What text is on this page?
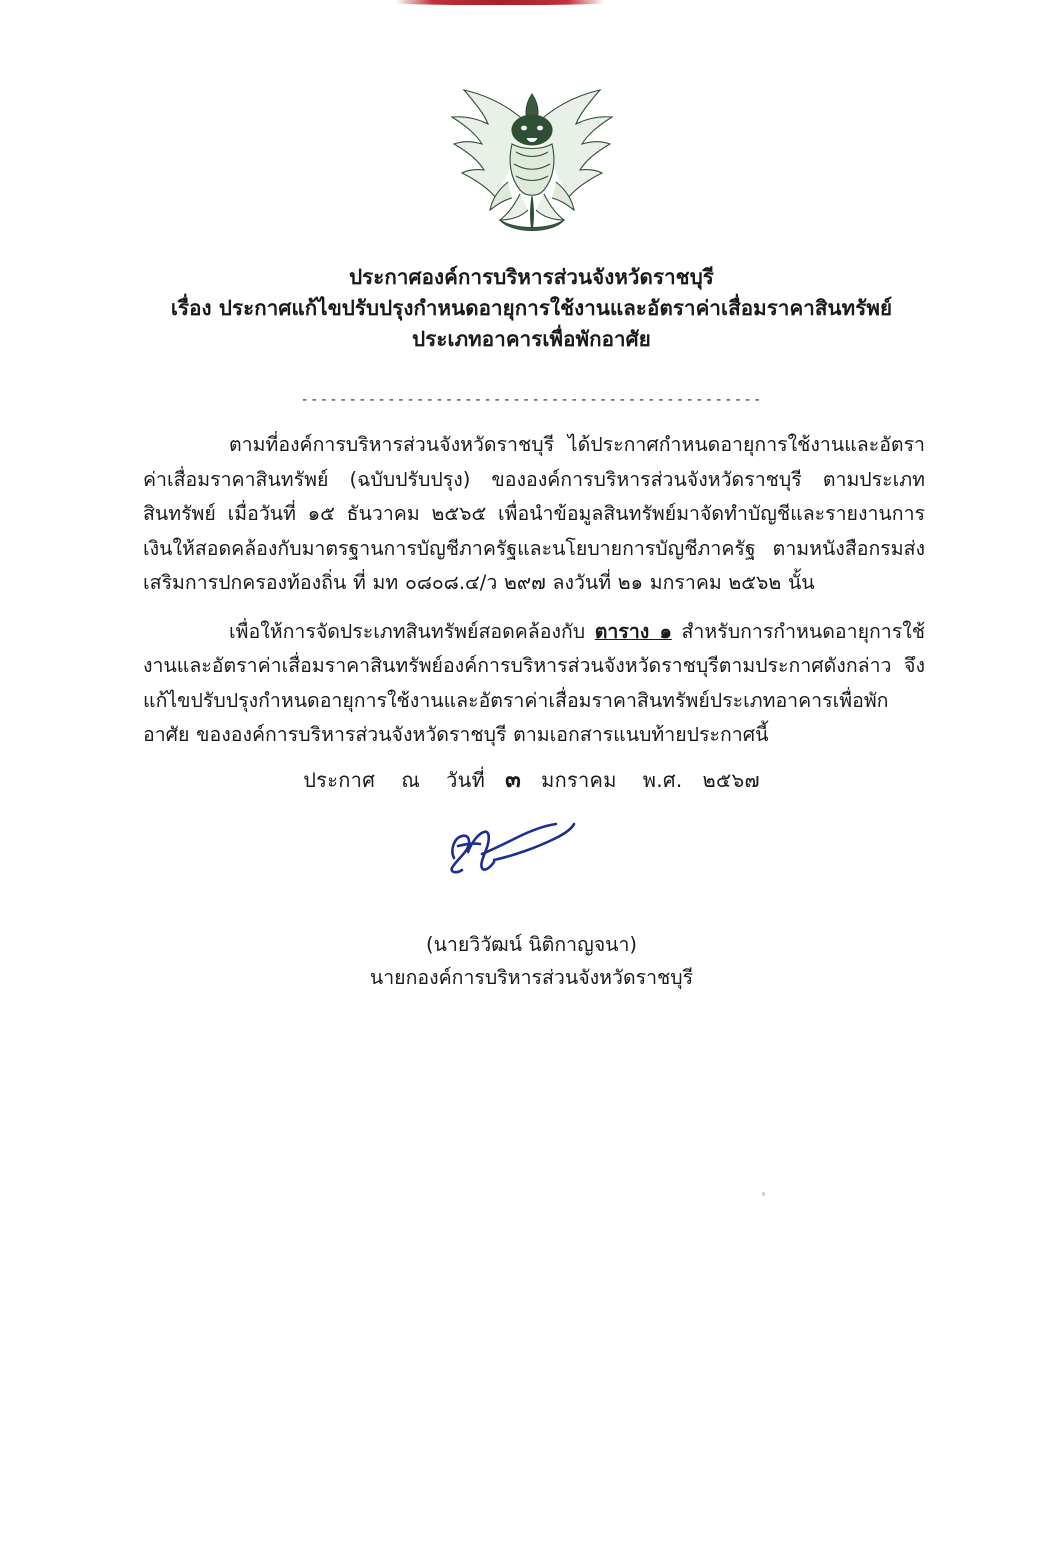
ประกาศองค์การบริหารส่วนจังหวัดราชบุรี
เรื่อง ประกาศแก้ไขปรับปรุงกำหนดอายุการใช้งานและอัตราค่าเสื่อมราคาสินทรัพย์
ประเภทอาคารเพื่อพักอาศัย
------------------------------------------------

ตามที่องค์การบริหารส่วนจังหวัดราชบุรี ได้ประกาศกำหนดอายุการใช้งานและอัตราค่าเสื่อมราคาสินทรัพย์ (ฉบับปรับปรุง) ขององค์การบริหารส่วนจังหวัดราชบุรี ตามประเภทสินทรัพย์ เมื่อวันที่ ๑๕ ธันวาคม ๒๕๖๕ เพื่อนำข้อมูลสินทรัพย์มาจัดทำบัญชีและรายงานการเงินให้สอดคล้องกับมาตรฐานการบัญชีภาครัฐและนโยบายการบัญชีภาครัฐ ตามหนังสือกรมส่งเสริมการปกครองท้องถิ่น ที่ มท ๐๘๐๘.๔/ว ๒๙๗ ลงวันที่ ๒๑ มกราคม ๒๕๖๒ นั้น

เพื่อให้การจัดประเภทสินทรัพย์สอดคล้องกับ ตาราง ๑ สำหรับการกำหนดอายุการใช้งานและอัตราค่าเสื่อมราคาสินทรัพย์องค์การบริหารส่วนจังหวัดราชบุรีตามประกาศดังกล่าว จึงแก้ไขปรับปรุงกำหนดอายุการใช้งานและอัตราค่าเสื่อมราคาสินทรัพย์ประเภทอาคารเพื่อพักอาศัย ขององค์การบริหารส่วนจังหวัดราชบุรี ตามเอกสารแนบท้ายประกาศนี้

ประกาศ ณ วันที่ ๓ มกราคม พ.ศ. ๒๕๖๗
(นายวิวัฒน์ นิติกาญจนา)
นายกองค์การบริหารส่วนจังหวัดราชบุรี
